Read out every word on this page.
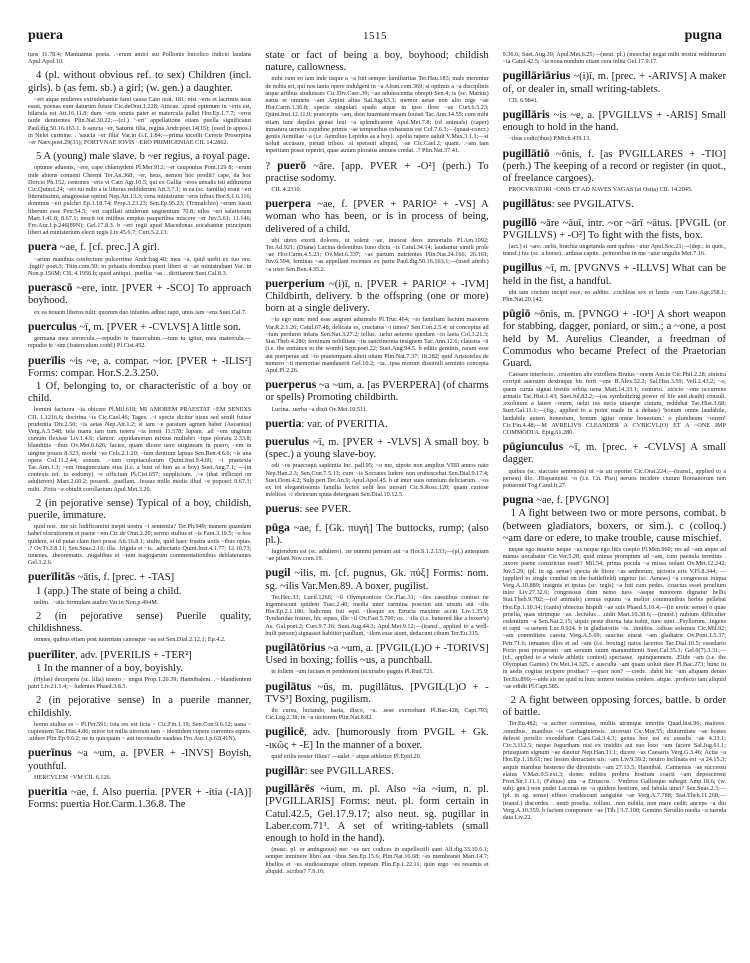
puera	1515	pugna

tuos 11.78.4; Mantuanus poeta. .~erum amici sui Pollionis bucolico indicio laudans Apul.Apol.10.

4 (pl. without obvious ref. to sex) Children (incl. girls). b (as fem. sb.) a girl; (w. gen.) a daughter.

~eri atque mulieres extrudebantur fami causa Cato orat. 181; nisi ~eris et lacrimis usus esset, poenas eum daturum fuisse Cic.deOrat.1.228; Atticae. .quod optimum in ~eris est, hilarula est Att.16.11.8; dum ~eris omnis pater et matercula pallet Hor.Ep.1.7.7; ~eros tarde dentientes Plin.Nat.30.22;—(cf.) '~eri' appellatione etiam puella significatur Paul.dig.50.16.163.1. b sancta ~er, Saturni filia, regina Andr.poet.14(15); (used in appos.) in Nelei carmine. . 'saucia ~er filia' Var.in G.L.1.84;—prima incedit Cereris Proserpina ~er Naev.poet.29(31); FORTVNAE IOVIS ~ERO PRIMIGENIAE CIL 14.2862.

5 A (young) male slave. b ~er regius, a royal page.

optume aduenis, ~ere, cape chlamydem Pl.Mer.912; ~er cauponius Pom.129 8; ~erum inde abiens conueni Chremi Ter.An.368; ~er, heus, nemon hoc prodit? cape, da hoc Dorcio Ph.152; centones ~eris vi Cato Agr.10.5; qui ex Gallia ~eros uenalis isti adduxerat Cic.Quinct.24; ~eri tui mihi a te litteras reddiderunt Att.3.7.1; in ea (sc. familia) erant ~eri litteratissimi, anagnostae optimi Nep.Att.13.3; cena ministratur ~eris tribus Hor.S.1.6.116; dominus ~eri pulchri Ep.1.18.74; Prop.3.23.23; Sen.Ep.95.23; (Trimalchio) ~erum iussit liberum esse Petr.54.5; ~eri capillati attulerunt unguentum 70.8; uiles ~eri salariorum Mart.1.41.8; 8.67.1; nescit tot milibus emptus pauperibus miscere ~er Juv.5.61; 11.146; Fro.Aur.1.p.246(89N); Gel.17.8.3. b ~eri regii apud Macedonas uocabantur principum liberi ad ministerium electi regis Liv.45.6.7; Curt.5.2.13.

puera ~ae, f. [cf. prec.] A girl.

~arum manibus confectum pulcerrime Andr.frag.40; mea ~a, quid uerbi ex tuo ore. .fugit? poet.3; Titin.com.50; in priuatis domibus pueri liberi et ~ae ministrabant Var. in Non.p.156M; CIL 4.1956.b; quod antiqui. .puellas ~as . .dictitarent Suet.Cal.8.3.

puerascō ~ere, intr. [PVER + -SCO] To approach boyhood.

ex ea nouem liberos tulit: quorum duo infantes adhuc rapti, unus iam ~ens Suet.Cal.7.

puerculus ~ī, m. [PVER + -CVLVS] A little son.

germana mea sororcula.—repudio te fraterculum.—tum tu igitur, mea matercula.—repudio te ~um (fraterculum codd.) Pl.Cist.452.

puerīlis ~is ~e, a. compar. ~ior. [PVER + -ILIS²] Forms: compar. Hor.S.2.3.250.

1 Of, belonging to, or characteristic of a boy or child.

homini facinora ~ia obicere Pl.Mil.618; MI AMOREM PRAESTAT ~EM SENEXS CIL 1.1216.6; doctrina ~is Cic.Cael.46; Tages. .~i specie dicitur uisus sed senili fuisse prudentia Div.2.50; ~is aetas Nep.Att.1.2; si iam ~e paratum agmen habet (Ascanius) Verg.A.5.548; tela manu iam tum tenera ~ia torsit 11.578; lupam. .ad ~em ungitum cursum flexisse Liv.1.4.6; clamor. .oppidanorum mixtus muliebri ~ique ploratu 2.33.8; blanditiis ~ibus Ov.Met.6.626; facies, quam dicere uere uirgineam in puero, ~em in uirgine possis 8.323; morbi ~es Cels.2.1.20; ~ium dentium lapsus Sen.Ben.4.6.6; ~is una opera Col.11.2.44; sonum. .~ium crepitaculorum Quint.Inst.9.4.66; ~i praetexta Tac.Ann.1.3; ~em imaguncuiam eius (i.e. a bust of him as a boy) Suet.Aug.7.1; —(in contexts ref. to sodomy) ~e officium Pl.Cist.657; supplicium. .~e (that inflicted on adulterers) Mart.2.60.2; possedi. .puellam. .fessus mille modis illud ~e poposci 9.67.3; mihi. .Fotis ~e obtulit corollarium Apul.Met.3.20.

2 (in pejorative sense) Typical of a boy, childish, puerile, immature.

quid nos. .me sic ludificamini inepti uostra ~i sententia? Ter.Ph.949; inanem quandam habet elocutionem et paene ~em Cic.de Orat.2.20; sermo stultus et ~is Fam.3.10.5; ~e hoc quidem, si id putat clam fieri posse Att.16.8.1; stulte, quid haec frustra uotis ~ibus optas. .? Ov.Tr.3.8.11; Sen.Suas.2.16; illa. .frigida et ~is. .adiectatio Quint.Inst.4.1.77; 12.10.73; iuuenes. .theorematis. .nugalibus et ~ium isagogarum commentationibus deblaterantes Gel.1.2.6.

puerīlitās ~ātis, f. [prec. + -TAS]

1 (app.) The state of being a child.

uelim. .~atis formulam audire Var.in Non.p.494M.

2 (in pejorative sense) Puerile quality, childishness.

omnes, quibus etiam post iuuentam canosque ~as est Sen.Dial.2.12.1; Ep.4.2.

puerīliter, adv. [PVERILIS + -TER²]

1 In the manner of a boy, boyishly.

(Hylas) decerpens (sc. lilia) tenero ~ ungui Prop.1.20.39; Hannibalem. .~ blandientem patri Liv.21.1.4; ~ ludentes Phaed.3.8.5.

2 (in pejorative sense) In a puerile manner, childishly.

homo stultus es ~ Pl.Per.591; tota res est ficta ~ Cic.Fin.1.19; Sen.Con.9.6.12; uana ~ cupientem Tac.Hist.4.86; miror tot milia uirorum tam ~ identidem cupere currentes equos. .uidere Plin.Ep.9.6.2; ne tu quicquam ~ aut inconsulte suadeas Fro.Aur.1.p.62(41N).

puerīnus ~a ~um, a. [PVER + -INVS] Boyish, youthful.

HERCVLEM ~VM CIL 6.126.

pueritia ~ae, f. Also puertia. [PVER + -itia (-IA)] Forms: puertia Hor.Carm.1.36.8. The

state or fact of being a boy, boyhood; childish nature, callowness.

mihi cum eo iam inde usque a ~a fuit semper familiaritas Ter.Hau.183; male merentur de nobis eri, qui nos tanto opere indulgent in ~a Afran.com.369; si optimis a ~a disciplinis atque artibus studuisses Cic.Div.Caec.39; ~ae adulescentia obrepit Sen.4; is (sc. Marius) natus et omnem ~am Arpini altus Sal.Jug.63.3; memor aetae non alio rege ~ae Hor.Carm.1.36.8; specie singulari spado atque in ipso flore ~ae Curt.6.5.23; Quint.Inst.12.11.9; praeceptis ~am, dein iuuentam meam fouisti Tac.Ann.14.55; cum mihi etiam tunc depiles genae leui ~a splendicarent Apul.Met.7.8; (of animals) (caper) inmatura ueneris cupidine primis ~ae temporibus exhaustus est Col.7.6.3;—(quasi-concr.) gentis Aemiliae ~a (i.e. Aemilius Lepidus as a boy). .spolia rapere ualuit V.Max.3.1.1;—si uoluit accusare, pietati tribuo. .si sperauit aliquid, ~ae Cic.Cael.2; quam. .~am tam inperitam posse reperiri, quae auium ploratus annuos credat. .? Plin.Nat.37.41.

? puerō ~āre. [app. PVER + -O²] (perh.) To practise sodomy.

CIL 4.2310.

puerpera ~ae, f. [PVER + PARIO² + -VS] A woman who has been, or is in process of being, delivered of a child.

ubi utero exorti dolores, ut solent ~ae, inuocat deos inmortalis Pl.Am.1092; Ter.Ad.921; (Diana) Lucina dolentibus Iuno dicta ~is Catul.34.14; laudantur simili prole ~ae Hor.Carm.4.5.23; Ov.Met.6.337; ~as partum nutrientes Plin.Nat.24.166; 26.161; Juv.6.594; feminas ~as appellant recentes ex partu Paul.dig.50.16.163.1;—(used attrib.) ~a uxor Sen.Ben.4.35.2.

puerperium ~(i)ī, n. [PVER + PARIO² + -IVM] Childbirth, delivery. b the offspring (one or more) born at a single delivery.

~io ego nunc med esse aegram adsimulo Pl.Truc.464; ~io familiam faciunt maiorem Var.R.2.1.26; Catul.67.48; delicata es, cruciatus ~i times? Sen.Con.2.5.4; ut conceptus ad ~ium perduret infans Sen.Nat.3.27.2; tellus. .uelut aeterno quodam ~io laeta Col.3.21.3; Stat.Theb.4.280; feminum nobilitate ~iis sanctimonia insignem Tac.Ann.12.6; claustra ~ii (i.e. the entrance to the womb) Sept.poet.22; Suet.Aug.94.5. b editis geminis, raram esse aut puerperae aut ~io praeterquam alteri uitam Plin.Nat.7.37; 18.282; quid Aristoteles de numero ~ii memoriae mandauerit Gel.10.2; ~ia. .ipsa morum dissimili seminio concepta Apul.Pl.2.26.

puerperus ~a ~um, a. [as PVERPERA] (of charms or spells) Promoting childbirth.

Lucina. .uerba ~a dixit Ov.Met.10.511.

puertia: var. of PVERITIA.

puerulus ~ī, m. [PVER + -VLVS] A small boy. b (spec.) a young slave-boy.

odi ~os praecoqui sapientia Inc. pall.95; ~o me, utpote non amplius VIIII annos nato Nep.Han.2.3; Sen.Con.7.5.13; cum ~is Socrates ludere non erubescebat Sen.Dial.9.17.4; Suet.Dom.4.2; Sulp.peri.Ter.An.9; Apul.Apol.45. b ut inter suos omnium deliciarum. .~os ex tot elegantissimis familia lectos uelit hos uersari Cic.S.Rosc.120; quam curiose infelices ~i ebriorum sputa detergeant Sen.Dial.10.12.5.

puerus: see PVER.

pūga ~ae, f. [Gk. πυγή] The buttocks, rump; (also pl.).

fugiendum est (sc. adultero). .ne nummi pereant aut ~a Hor.S.1.2.133;—(pl.) antequam ~ae pilant Nov.com.19.

pugil ~ilis, m. [cf. pugnus, Gk. πύξ] Forms: nom. sg. ~ilis Var.Men.89. A boxer, pugilist.

Ter.Hec.33; Lucil.1266; ~il Olympionices Cic.Flac.31; ~iles caestibus contusi ne ingemescunt quidem Tusc.2.40; media inter carmina poscunt aut ursum aut ~ilis Hor.Ep.2.1.186; ludicrum fuit equi ~ilesque ex Etruria maxime acciti Liv.1.35.9; Tyndaridae fratres, hic eques, ille ~il Ov.Fast.5.700; os. .~ilis (i.e. battered like a boxer's) As. Gal.poet.2; Curt.9.7.16; Suet.Aug.44.3; Apul.Met.9.12;—(transf., applied to a well-built person) signasset habitior paullum, ~ilem esse aiunt, deducunt cibum Ter.Eu.315.

pugilātōrius ~a ~um, a. [PVGIL(L)O + -TORIVS] Used in boxing; follis ~us, a punchball.

te follem ~um faciam et pendentem incursabo pugnis Pl.Rud.721.

pugilātus ~ūs, m. pugillātus. [PVGIL(L)O + -TVS³] Boxing, pugilism.

ibi cursu, luctando, hasta, disco, ~u. .sese exercebant Pl.Bac.428; Capt.793; Cic.Leg.2.38; in ~u uictorem Plin.Nat.8.82.

pugilicē, adv. [humorously from PVGIL + Gk. -ικῶς + -E] In the manner of a boxer.

quid erilis noster filius? —ualet ~ atque athletice Pl.Epid.20.

pugillār: see PVGILLARES.

pugillārēs ~ium, m. pl. Also ~ia ~ium, n. pl. [PVGILLARIS] Forms: neut. pl. form certain in Catul.42.5, Gel.17.9.17; also neut. sg. pugillar in Laber.com.71¹. A set of writing-tablets (small enough to hold in the hand).

(masc. pl. or ambiguous) nec ~es nec codices in supellectili sunt Alf.dig.33.10.6.1; semper inminere libro aut ~ibus Sen.Ep.15.6; Plin.Nat.16.68; ~es membranei Mart.14.7; libellos et ~es studiosumque otium repetam Plin.Ep.1.22.11; quin ergo ~es resumis et aliquid. .scribis? 7.9.16;

9.36.6; Suet.Aug.39; Apul.Met.6.25;—(neut. pl.) (moecha) negat mihi nostra redditurum ~ia Catul.42.5; ~ia noua nondum etiam cera inlita Gel.17.9.17.

pugillāriārius ~(i)ī, m. [prec. + -ARIVS] A maker of, or dealer in, small writing-tablets.

CIL 6.9841.

pugillāris ~is ~e, a. [PVGILLVS + -ARIS] Small enough to hold in the hand.

~ibus codic(ibus) P.Mich.439.13.

pugillātiō ~ōnis, f. [as PVGILLARES + -TIO] (perh.) The keeping of a record or register (in quot., of freelance cargoes).

PROCVRATORI ~ONIS ET AD NAVES VAGAS (at Ostia) CIL 14.2045.

pugillātus: see PVGILATVS.

pugillō ~āre ~āuī, intr. ~or ~ārī ~ātus. [PVGIL (or PVGILLVS) + -O²] To fight with the fists, box.

(act.) si ~are. .uelis, brachia ungetanda sunt quibus ~atur Apul.Soc.21;—(dep.; in quot., transf.) hic (sc. a horse). .arduus capite. .primoribus in me ~atur ungulis Met.7.16.

pugillus ~ī, m. [PVGNVS + -ILLVS] What can be held in the fist, a handful.

ubi iam coctum incipit esse, eo addito. .cochleas sex et lentis ~um Cato Agr.158.1; Plin.Nat.20.142.

pūgiō ~ōnis, m. [PVNGO + -IO¹] A short weapon for stabbing, dagger, poniard, or sim.; a ~one, a post held by M. Aurelius Cleander, a freedman of Commodus who became Prefect of the Praetorian Guard.

Caesare interfecto. .cruentum alte extollens Brutus ~onem Ant.in Cic.Phil.2.28; sinistra corripit auersum dextraque bis ferit ~one B.Alex.52.2; Sal.Hist.3.59; Vell.2.43.2; ~o, quem curua signat breuis orbita uena Mart.14.33.1; centurio. .stricto ~one occurrens armatis Tac.Hist.1.43; Suet.Jul.82.2;—(as symbolizing power of life and death) consuli. .exolutum a latere ~onem, uelut ius necis uitaeque ciuium, reddebat Tac.Hist.3.68; Suet.Gal.11.1;—(fig., applied to a point made in a debate) 'bonum omne laudabile, laudabile autem honestum, bonum igitur omne honestum.' o plumbeum ~onem! Cic.Fin.4.48;—M AVRELIVS CLEANDER A CVBICVL(O) ET A ~ONE IMP COMMODI A. Epig.61.280.

pūgiunculus ~ī, m. [prec. + -CVLVS] A small dagger.

quibus (sc. staccato sentences) ut ~is uti oportet Cic.Orat.224;—(transf., applied to a person) illo. .Hispaniensi ~o (i.e. Cn. Piso) neruos incidere ciuium Romanorum non potuerunt Tog.Cand.fr.27.

pugna ~ae, f. [PVGNO]

1 A fight between two or more persons, combat. b (between gladiators, boxers, or sim.). c (colloq.) ~am dare or edere, to make trouble, cause mischief.

neque ego insanio neque ~as neque ego litis coepio Pl.Men.960; res ad ~am atque ad manus uocabatur Cic.Ver.5.28; quid minus promptum ad ~am, cum paenula inretitus . .uxore paene constrictus esset? Mil.54; prima pocula ~a missa uolant Ov.Met.12.242; Juv.5.29; (pl. in sg. sense) specta de litore ~as amborum; uictoris eris V.Fl.8.344; —(applied to single combat on the battlefield) urgetur (sc. Aeneas) ~a congressus iniqua Verg.A.10.889; insignis et ipsius (sc. regis) ~a fuit cum pedes. .coactus esset proelium inire Liv.27.32.6; congressus dum nemo tuos ~asque minorem dignatur bellis Stat.Theb.9.782;—(of animals) ceruus equum ~a melior communibus herbis pellebat Hor.Ep.1.10.34; (canis) obiectus hispidi ~ae suis Phaed.5.10.4;—(in erotic sense) o quae proelia, quas utrimque ~as. .lectulus . .uidit Mart.10.38.6;—(transf.) nubium difficulter cedentium ~a Sen.Nat.2.15; siquis peste diurna fata trahit, tunc sunt. .Psyllorum. .ingens et rapti ~a ueneni Luc.9.924. b in gladiatoriis ~is. .timidos. .odisse solemus Cic.Mil.92; ~am committere caestu Verg.A.5.69; saucius eiurat ~am gladiator Ov.Pont.1.5.37; Petr.71.6; inmanes illos et ad ~am (i.e. boxing) natos lacertos Tac.Dial.10.5; essedario Porio post prosperam ~am seruum suum manumittenti Suet.Cal.35.3; Gel.6(7).3.31;—(cf., applied to a whole athletic contest) spectasse. .quinquennem. .Elide ~am (i.e. the Olympian Games) Ov.Met.14.325. c ausculta ~am quam uoluit dare Pl.Bac.273; hunc tu in aedis cogitas recipere posthac? —quor non? —crede. .dabit hic ~am aliquam denuo Ter.Eu.899;—uide sis ne quid tu huic temere insistas credere. atque. .profecto iam aliquid ~ae edidit Pl.Capt.585.

2 A fight between opposing forces, battle. b order of battle.

Ter.Eu.482; ~a acriter commissa, multis utrimque interitis Quad.hist.96; maiores. .omnibus. .manibus ~is Carthaginiensis. .uicerunt Cic.Mur.55; diuturnitate ~ae hostes defessi proelio excedebant Caes.Gal.3.4.3; genus hoc est ex essedis ~ae 4.33.1; Civ.3.112.5; neque Iugurtham nisi ex insidiis aut suo loco ~am facere Sal.Jug.61.1; priusquam signum ~ae daretur Nep.Han.11.1; dicere ~as Caesaris Verg.G.3.46; Actia ~a Hor.Ep.1.18.61; nec hostes detractare uis: ~am Liv.9.39.2; neutro inclinata est ~a 24.15.3; aequis manibus hesterno die diremistis ~am 27.13.5; Hannibal. .Cannensis ~ae successu elatus V.Max.9.5.ext.3; donec milites probris hostium coacti ~am deposcerent Fron.Str.1.11.1; (Fabius) una ~a Etruscos. . Vmbros Gallosque subegit Amp.18.6; (w. subj. gen.) non pudet Laconas ne ~a quidem hostium, sed fabula uinci? Sen.Suas.2.3;—(pl. in sg. sense) effuso crudescunt sanguine ~ae Verg.A.7.788; Stat.Theb.11.268;—(transf.) discordes. . uenti proelia. .tollunt. .non nubila, non mare cedit; anceps ~a diu Verg.A.10.359. b faciem componere ~ae [Tib.] 3.7.100; Gemino Seruilio media ~a tuenda data Liv.22.
